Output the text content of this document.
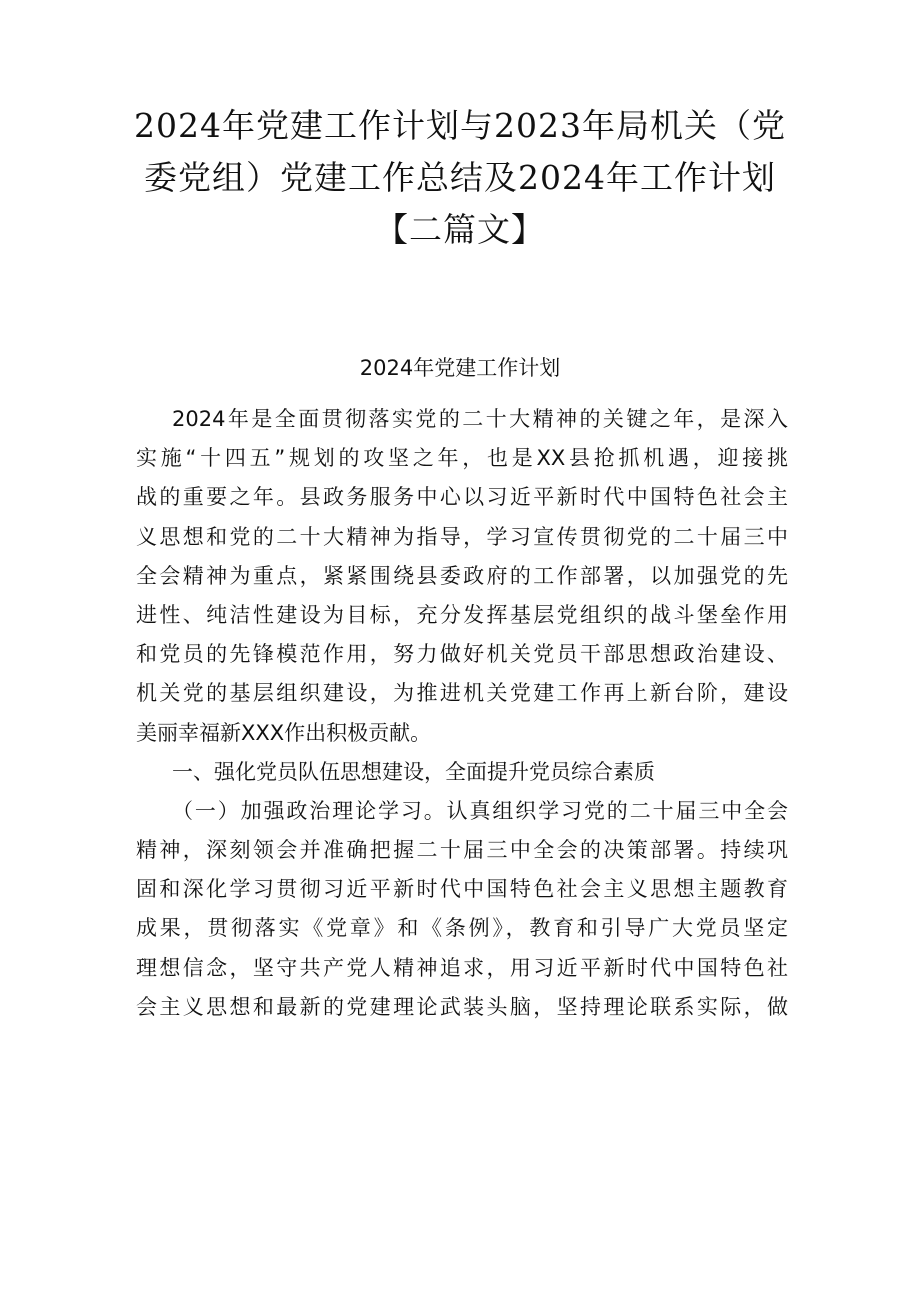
2024年党建工作计划与2023年局机关（党
委党组）党建工作总结及2024年工作计划
【二篇文】
2024年党建工作计划
2024年是全面贯彻落实党的二十大精神的关键之年，是深入
实施“十四五”规划的攻坚之年，也是XX县抢抓机遇，迎接挑
战的重要之年。县政务服务中心以习近平新时代中国特色社会主
义思想和党的二十大精神为指导，学习宣传贯彻党的二十届三中
全会精神为重点，紧紧围绕县委政府的工作部署，以加强党的先
进性、纯洁性建设为目标，充分发挥基层党组织的战斗堡垒作用
和党员的先锋模范作用，努力做好机关党员干部思想政治建设、
机关党的基层组织建设，为推进机关党建工作再上新台阶，建设
美丽幸福新XXX作出积极贡献。
一、强化党员队伍思想建设，全面提升党员综合素质
（一）加强政治理论学习。认真组织学习党的二十届三中全会
精神，深刻领会并准确把握二十届三中全会的决策部署。持续巩
固和深化学习贯彻习近平新时代中国特色社会主义思想主题教育
成果，贯彻落实《党章》和《条例》，教育和引导广大党员坚定
理想信念，坚守共产党人精神追求，用习近平新时代中国特色社
会主义思想和最新的党建理论武装头脑，坚持理论联系实际，做
